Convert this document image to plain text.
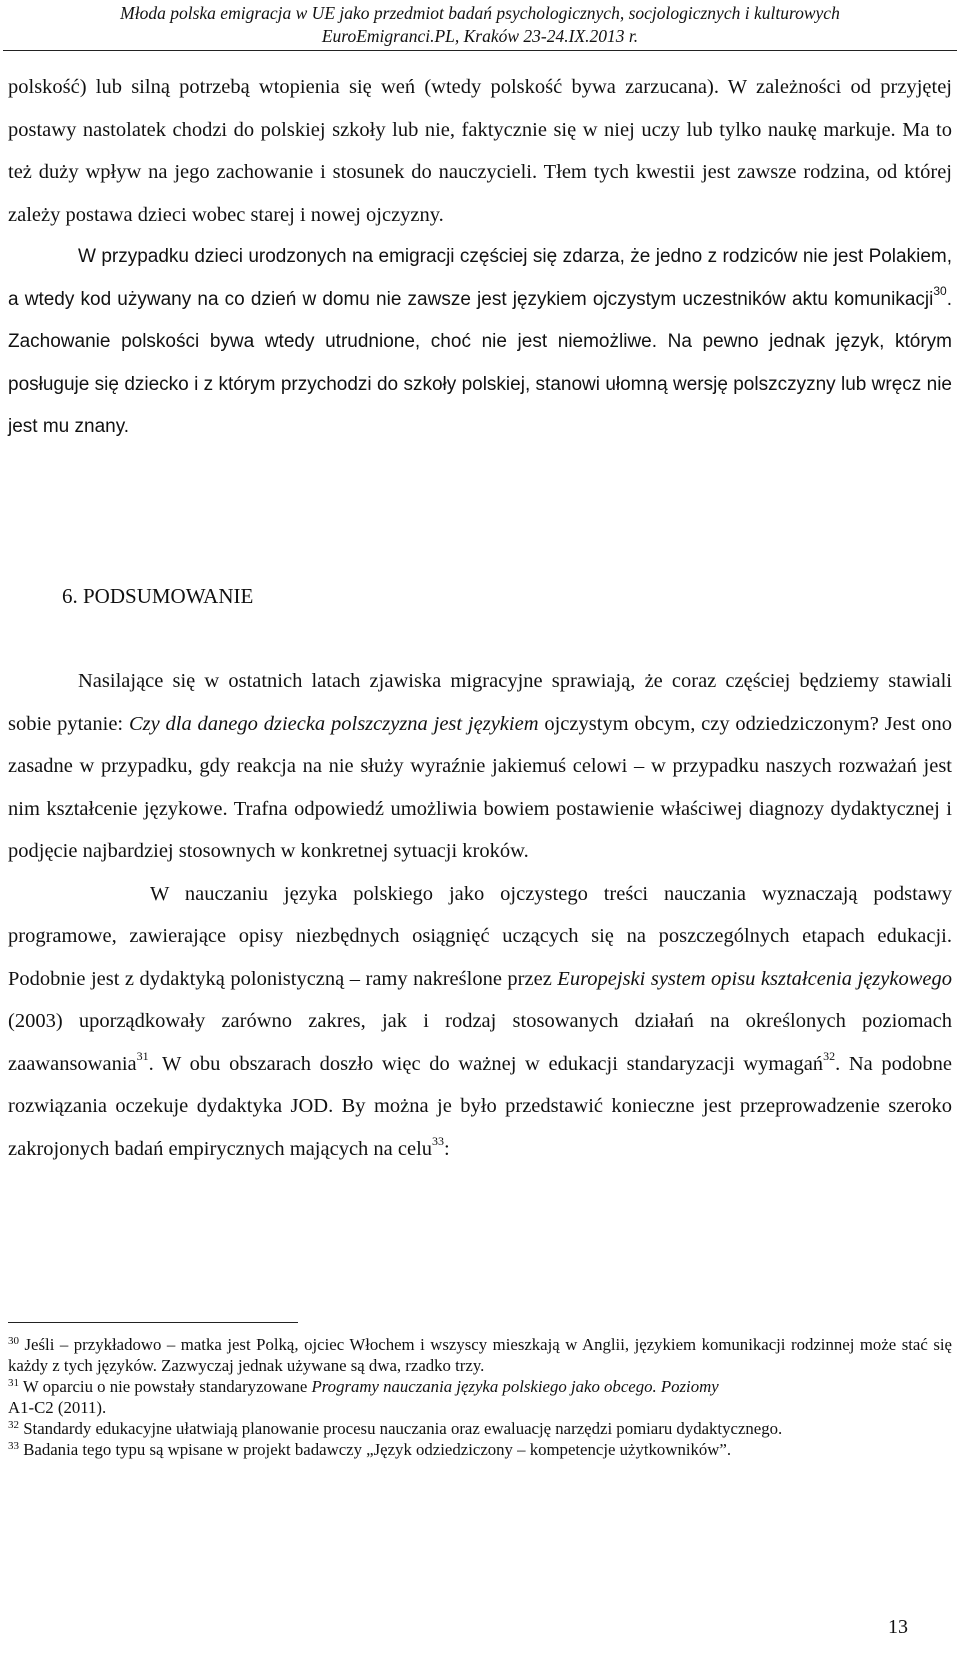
Młoda polska emigracja w UE jako przedmiot badań psychologicznych, socjologicznych i kulturowych
EuroEmigranci.PL, Kraków 23-24.IX.2013 r.

polskość) lub silną potrzebą wtopienia się weń (wtedy polskość bywa zarzucana). W zależności od przyjętej postawy nastolatek chodzi do polskiej szkoły lub nie, faktycznie się w niej uczy lub tylko naukę markuje. Ma to też duży wpływ na jego zachowanie i stosunek do nauczycieli. Tłem tych kwestii jest zawsze rodzina, od której zależy postawa dzieci wobec starej i nowej ojczyzny.

W przypadku dzieci urodzonych na emigracji częściej się zdarza, że jedno z rodziców nie jest Polakiem, a wtedy kod używany na co dzień w domu nie zawsze jest językiem ojczystym uczestników aktu komunikacji$^{30}$. Zachowanie polskości bywa wtedy utrudnione, choć nie jest niemożliwe. Na pewno jednak język, którym posługuje się dziecko i z którym przychodzi do szkoły polskiej, stanowi ułomną wersję polszczyzny lub wręcz nie jest mu znany.

6. PODSUMOWANIE

Nasilające się w ostatnich latach zjawiska migracyjne sprawiają, że coraz częściej będziemy stawiali sobie pytanie: Czy dla danego dziecka polszczyzna jest językiem ojczystym obcym, czy odziedziczonym? Jest ono zasadne w przypadku, gdy reakcja na nie służy wyraźnie jakiemuś celowi – w przypadku naszych rozważań jest nim kształcenie językowe. Trafna odpowiedź umożliwia bowiem postawienie właściwej diagnozy dydaktycznej i podjęcie najbardziej stosownych w konkretnej sytuacji kroków.

W nauczaniu języka polskiego jako ojczystego treści nauczania wyznaczają podstawy programowe, zawierające opisy niezbędnych osiągnięć uczących się na poszczególnych etapach edukacji. Podobnie jest z dydaktyką polonistyczną – ramy nakreślone przez Europejski system opisu kształcenia językowego (2003) uporządkowały zarówno zakres, jak i rodzaj stosowanych działań na określonych poziomach zaawansowania$^{31}$. W obu obszarach doszło więc do ważnej w edukacji standaryzacji wymagań$^{32}$. Na podobne rozwiązania oczekuje dydaktyka JOD. By można je było przedstawić konieczne jest przeprowadzenie szeroko zakrojonych badań empirycznych mających na celu$^{33}$:

$^{30}$ Jeśli – przykładowo – matka jest Polką, ojciec Włochem i wszyscy mieszkają w Anglii, językiem komunikacji rodzinnej może stać się każdy z tych języków. Zazwyczaj jednak używane są dwa, rzadko trzy.

$^{31}$ W oparciu o nie powstały standaryzowane Programy nauczania języka polskiego jako obcego. Poziomy
A1-C2 (2011).

$^{32}$ Standardy edukacyjne ułatwiają planowanie procesu nauczania oraz ewaluację narzędzi pomiaru dydaktycznego.

$^{33}$ Badania tego typu są wpisane w projekt badawczy „Język odziedziczony – kompetencje użytkowników”.

13
